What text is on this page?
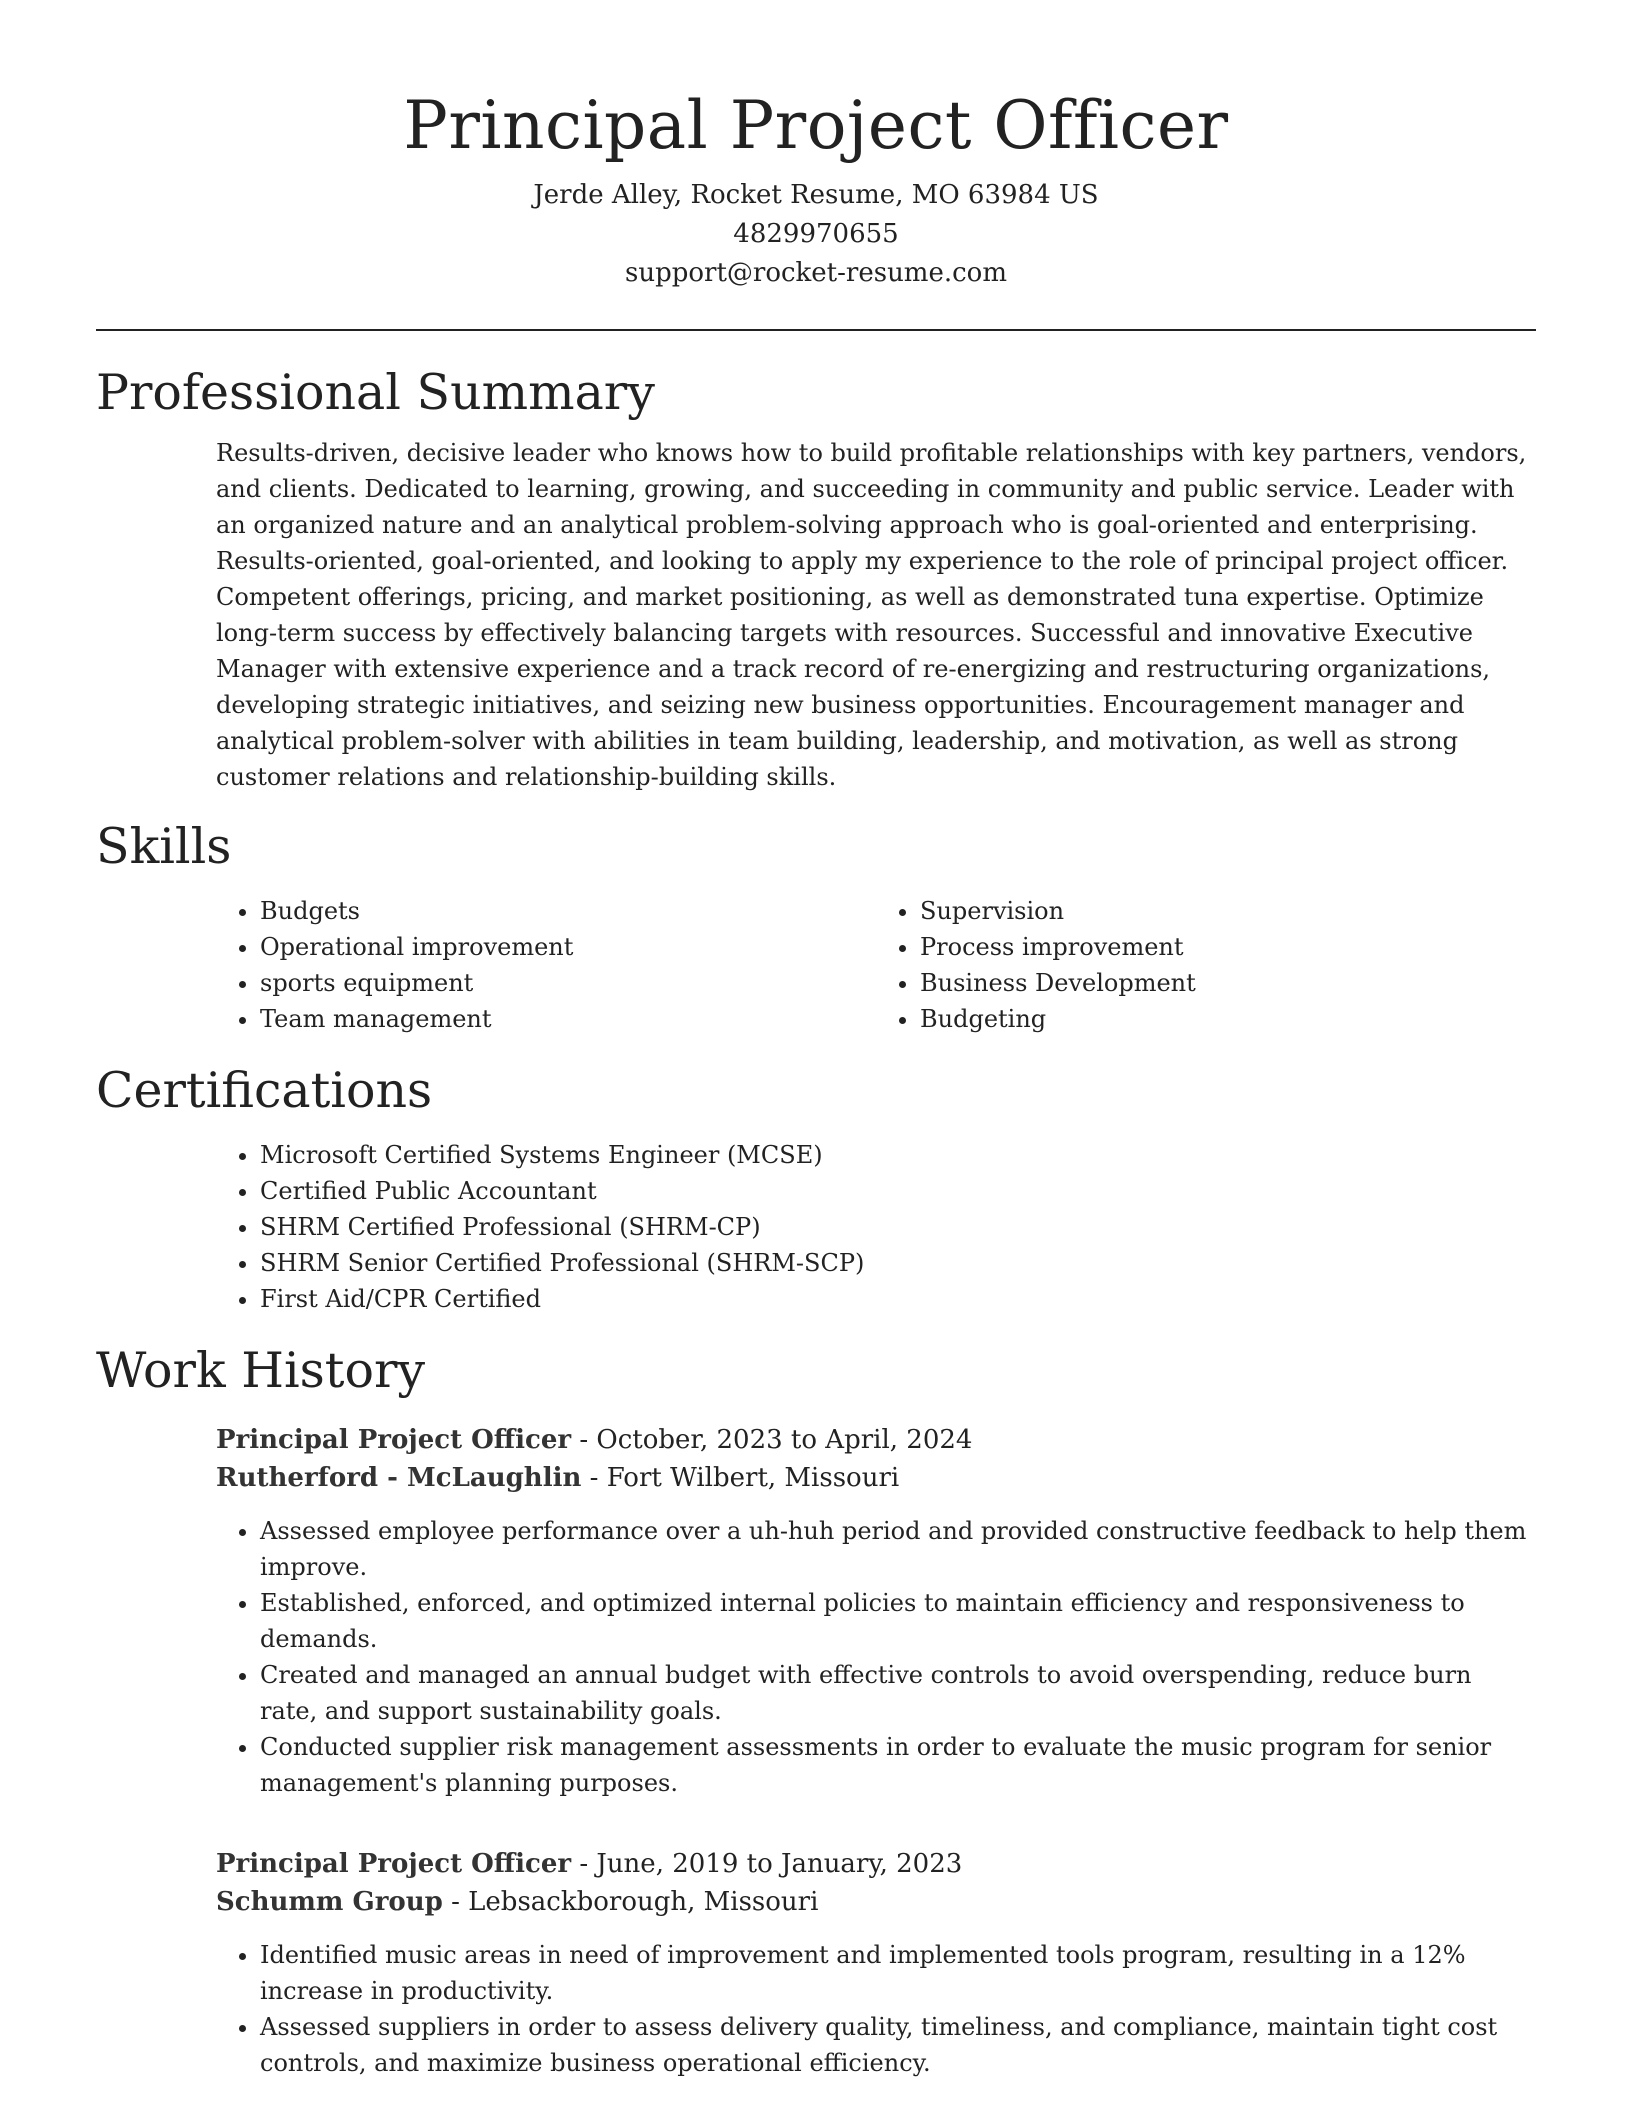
Principal Project Officer
Jerde Alley, Rocket Resume, MO 63984 US
4829970655
support@rocket-resume.com
Professional Summary
Results-driven, decisive leader who knows how to build profitable relationships with key partners, vendors, and clients. Dedicated to learning, growing, and succeeding in community and public service. Leader with an organized nature and an analytical problem-solving approach who is goal-oriented and enterprising. Results-oriented, goal-oriented, and looking to apply my experience to the role of principal project officer. Competent offerings, pricing, and market positioning, as well as demonstrated tuna expertise. Optimize long-term success by effectively balancing targets with resources. Successful and innovative Executive Manager with extensive experience and a track record of re-energizing and restructuring organizations, developing strategic initiatives, and seizing new business opportunities. Encouragement manager and analytical problem-solver with abilities in team building, leadership, and motivation, as well as strong customer relations and relationship-building skills.
Skills
• Budgets
• Operational improvement
• sports equipment
• Team management
• Supervision
• Process improvement
• Business Development
• Budgeting
Certifications
• Microsoft Certified Systems Engineer (MCSE)
• Certified Public Accountant
• SHRM Certified Professional (SHRM-CP)
• SHRM Senior Certified Professional (SHRM-SCP)
• First Aid/CPR Certified
Work History
Principal Project Officer - October, 2023 to April, 2024
Rutherford - McLaughlin - Fort Wilbert, Missouri
• Assessed employee performance over a uh-huh period and provided constructive feedback to help them improve.
• Established, enforced, and optimized internal policies to maintain efficiency and responsiveness to demands.
• Created and managed an annual budget with effective controls to avoid overspending, reduce burn rate, and support sustainability goals.
• Conducted supplier risk management assessments in order to evaluate the music program for senior management's planning purposes.
Principal Project Officer - June, 2019 to January, 2023
Schumm Group - Lebsackborough, Missouri
• Identified music areas in need of improvement and implemented tools program, resulting in a 12% increase in productivity.
• Assessed suppliers in order to assess delivery quality, timeliness, and compliance, maintain tight cost controls, and maximize business operational efficiency.
